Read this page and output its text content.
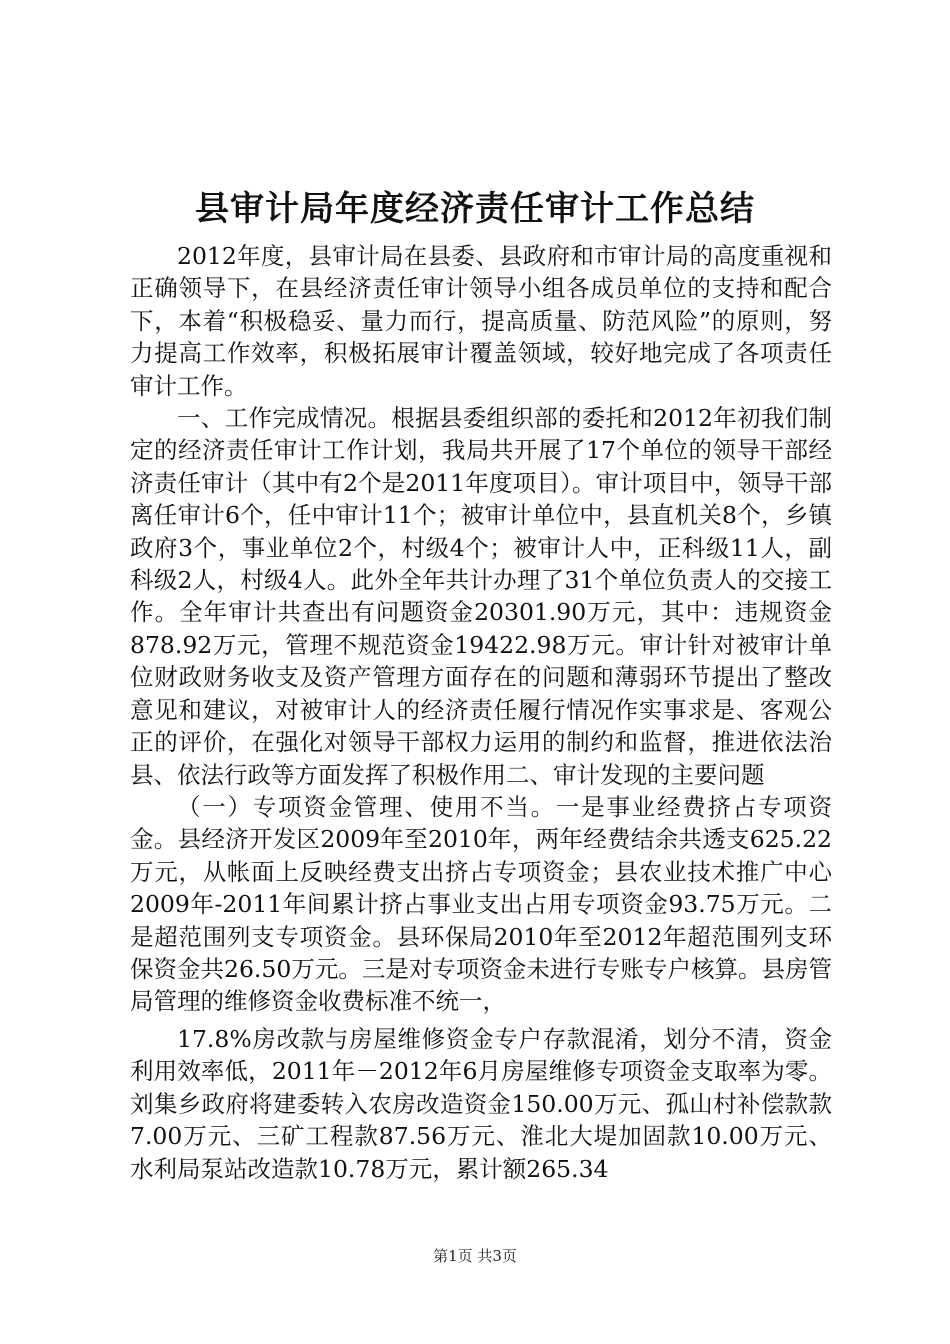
县审计局年度经济责任审计工作总结

2012年度，县审计局在县委、县政府和市审计局的高度重视和正确领导下，在县经济责任审计领导小组各成员单位的支持和配合下，本着“积极稳妥、量力而行，提高质量、防范风险”的原则，努力提高工作效率，积极拓展审计覆盖领域，较好地完成了各项责任审计工作。

一、工作完成情况。根据县委组织部的委托和2012年初我们制定的经济责任审计工作计划，我局共开展了17个单位的领导干部经济责任审计（其中有2个是2011年度项目）。审计项目中，领导干部离任审计6个，任中审计11个；被审计单位中，县直机关8个，乡镇政府3个，事业单位2个，村级4个；被审计人中，正科级11人，副科级2人，村级4人。此外全年共计办理了31个单位负责人的交接工作。全年审计共查出有问题资金20301.90万元，其中：违规资金878.92万元，管理不规范资金19422.98万元。审计针对被审计单位财政财务收支及资产管理方面存在的问题和薄弱环节提出了整改意见和建议，对被审计人的经济责任履行情况作实事求是、客观公正的评价，在强化对领导干部权力运用的制约和监督，推进依法治县、依法行政等方面发挥了积极作用二、审计发现的主要问题

（一）专项资金管理、使用不当。一是事业经费挤占专项资金。县经济开发区2009年至2010年，两年经费结余共透支625.22万元，从帐面上反映经费支出挤占专项资金；县农业技术推广中心2009年-2011年间累计挤占事业支出占用专项资金93.75万元。二是超范围列支专项资金。县环保局2010年至2012年超范围列支环保资金共26.50万元。三是对专项资金未进行专账专户核算。县房管局管理的维修资金收费标准不统一，

17.8%房改款与房屋维修资金专户存款混淆，划分不清，资金利用效率低，2011年－2012年6月房屋维修专项资金支取率为零。刘集乡政府将建委转入农房改造资金150.00万元、孤山村补偿款款7.00万元、三矿工程款87.56万元、淮北大堤加固款10.00万元、水利局泵站改造款10.78万元，累计额265.34

第1页 共3页
